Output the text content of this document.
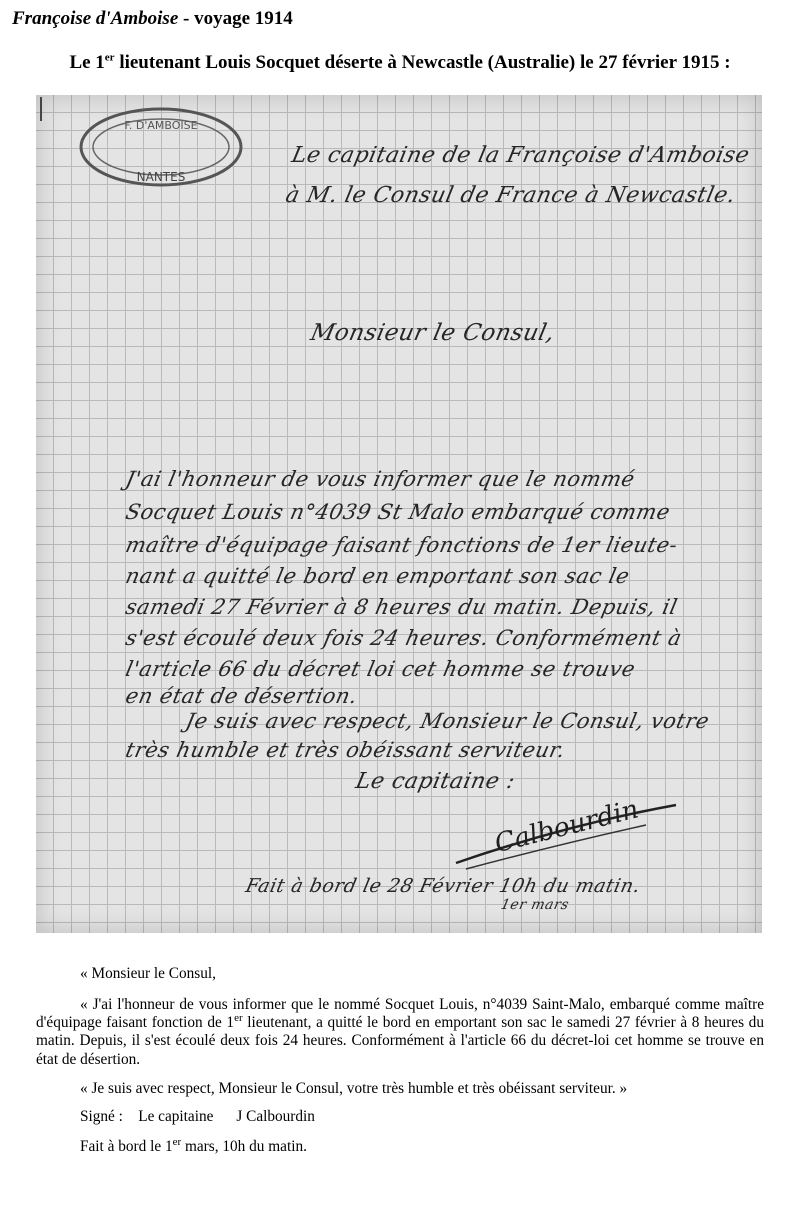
Françoise d'Amboise - voyage 1914
Le 1er lieutenant Louis Socquet déserte à Newcastle (Australie) le 27 février 1915 :
F. D'AMBOISE
NANTES
Le capitaine de la Françoise d'Amboise
à M. le Consul de France à Newcastle.
Monsieur le Consul,
J'ai l'honneur de vous informer que le nommé
Socquet Louis n°4039 St Malo embarqué comme
maître d'équipage faisant fonctions de 1er lieute-
nant a quitté le bord en emportant son sac le
samedi 27 Février à 8 heures du matin. Depuis, il
s'est écoulé deux fois 24 heures. Conformément à
l'article 66 du décret loi cet homme se trouve
en état de désertion.
Je suis avec respect, Monsieur le Consul, votre
très humble et très obéissant serviteur.
Le capitaine :
Calbourdin
Fait à bord le 28 Février 10h du matin.
1er mars
« Monsieur le Consul,
« J'ai l'honneur de vous informer que le nommé Socquet Louis, n°4039 Saint-Malo, embarqué comme maître d'équipage faisant fonction de 1er lieutenant, a quitté le bord en emportant son sac le samedi 27 février à 8 heures du matin. Depuis, il s'est écoulé deux fois 24 heures. Conformément à l'article 66 du décret-loi cet homme se trouve en état de désertion.
« Je suis avec respect, Monsieur le Consul, votre très humble et très obéissant serviteur. »
Signé : Le capitaine J Calbourdin
Fait à bord le 1er mars, 10h du matin.
